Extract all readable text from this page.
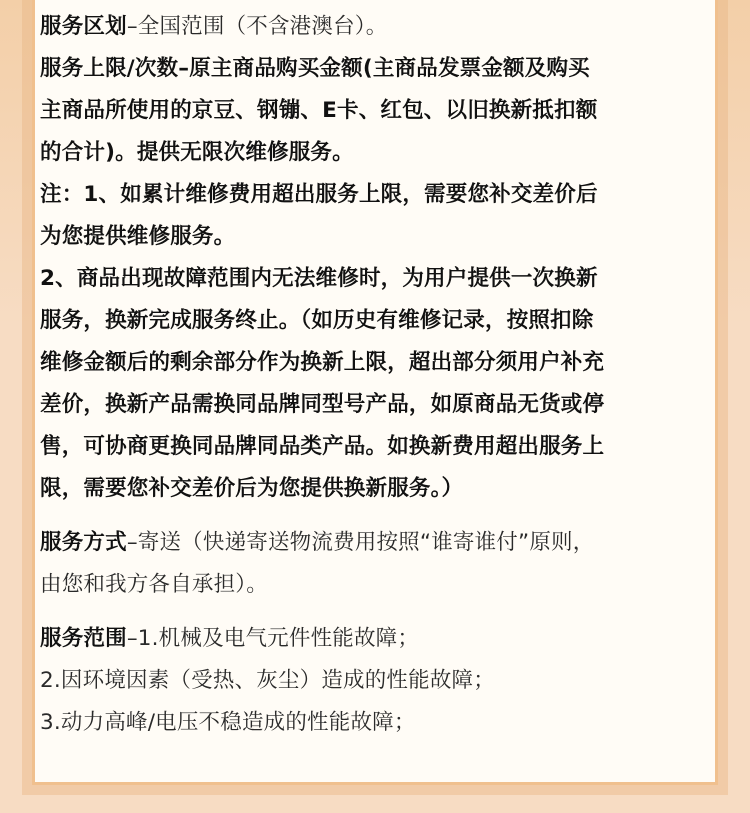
服务区划–全国范围（不含港澳台）。

服务上限/次数–原主商品购买金额(主商品发票金额及购买
主商品所使用的京豆、钢镚、E卡、红包、以旧换新抵扣额
的合计)。提供无限次维修服务。

注：1、如累计维修费用超出服务上限，需要您补交差价后
为您提供维修服务。
2、商品出现故障范围内无法维修时，为用户提供一次换新
服务，换新完成服务终止。（如历史有维修记录，按照扣除
维修金额后的剩余部分作为换新上限，超出部分须用户补充
差价，换新产品需换同品牌同型号产品，如原商品无货或停
售，可协商更换同品牌同品类产品。如换新费用超出服务上
限，需要您补交差价后为您提供换新服务。）

服务方式–寄送（快递寄送物流费用按照“谁寄谁付”原则，
由您和我方各自承担）。

服务范围–1.机械及电气元件性能故障；
2.因环境因素（受热、灰尘）造成的性能故障；
3.动力高峰/电压不稳造成的性能故障；
